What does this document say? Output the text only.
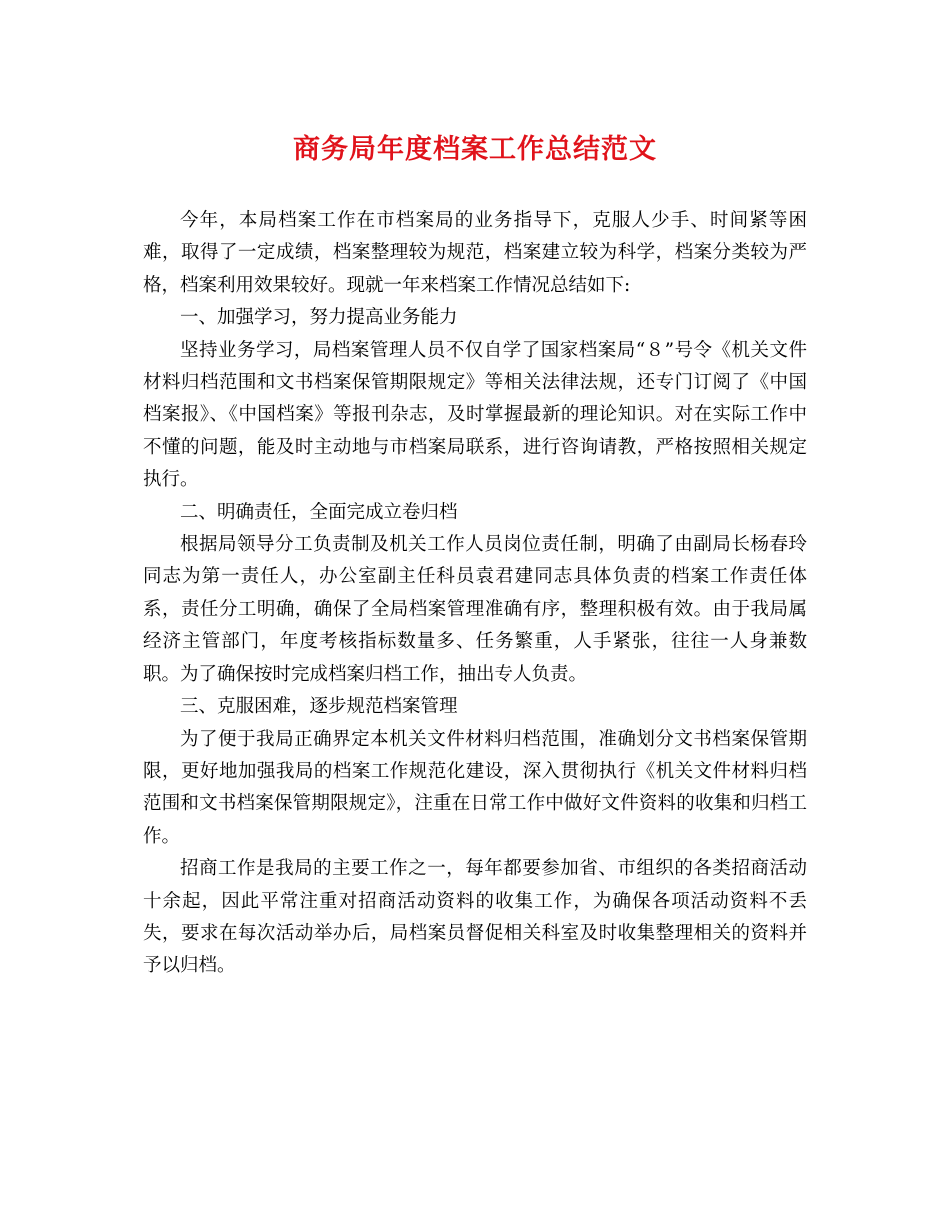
商务局年度档案工作总结范文

今年，本局档案工作在市档案局的业务指导下，克服人少手、时间紧等困难，取得了一定成绩，档案整理较为规范，档案建立较为科学，档案分类较为严格，档案利用效果较好。现就一年来档案工作情况总结如下:

一、加强学习，努力提高业务能力

坚持业务学习，局档案管理人员不仅自学了国家档案局“８”号令《机关文件材料归档范围和文书档案保管期限规定》等相关法律法规，还专门订阅了《中国档案报》、《中国档案》等报刊杂志，及时掌握最新的理论知识。对在实际工作中不懂的问题，能及时主动地与市档案局联系，进行咨询请教，严格按照相关规定执行。

二、明确责任，全面完成立卷归档

根据局领导分工负责制及机关工作人员岗位责任制，明确了由副局长杨春玲同志为第一责任人，办公室副主任科员袁君建同志具体负责的档案工作责任体系，责任分工明确，确保了全局档案管理准确有序，整理积极有效。由于我局属经济主管部门，年度考核指标数量多、任务繁重，人手紧张，往往一人身兼数职。为了确保按时完成档案归档工作，抽出专人负责。

三、克服困难，逐步规范档案管理

为了便于我局正确界定本机关文件材料归档范围，准确划分文书档案保管期限，更好地加强我局的档案工作规范化建设，深入贯彻执行《机关文件材料归档范围和文书档案保管期限规定》，注重在日常工作中做好文件资料的收集和归档工作。

招商工作是我局的主要工作之一，每年都要参加省、市组织的各类招商活动十余起，因此平常注重对招商活动资料的收集工作，为确保各项活动资料不丢失，要求在每次活动举办后，局档案员督促相关科室及时收集整理相关的资料并予以归档。
